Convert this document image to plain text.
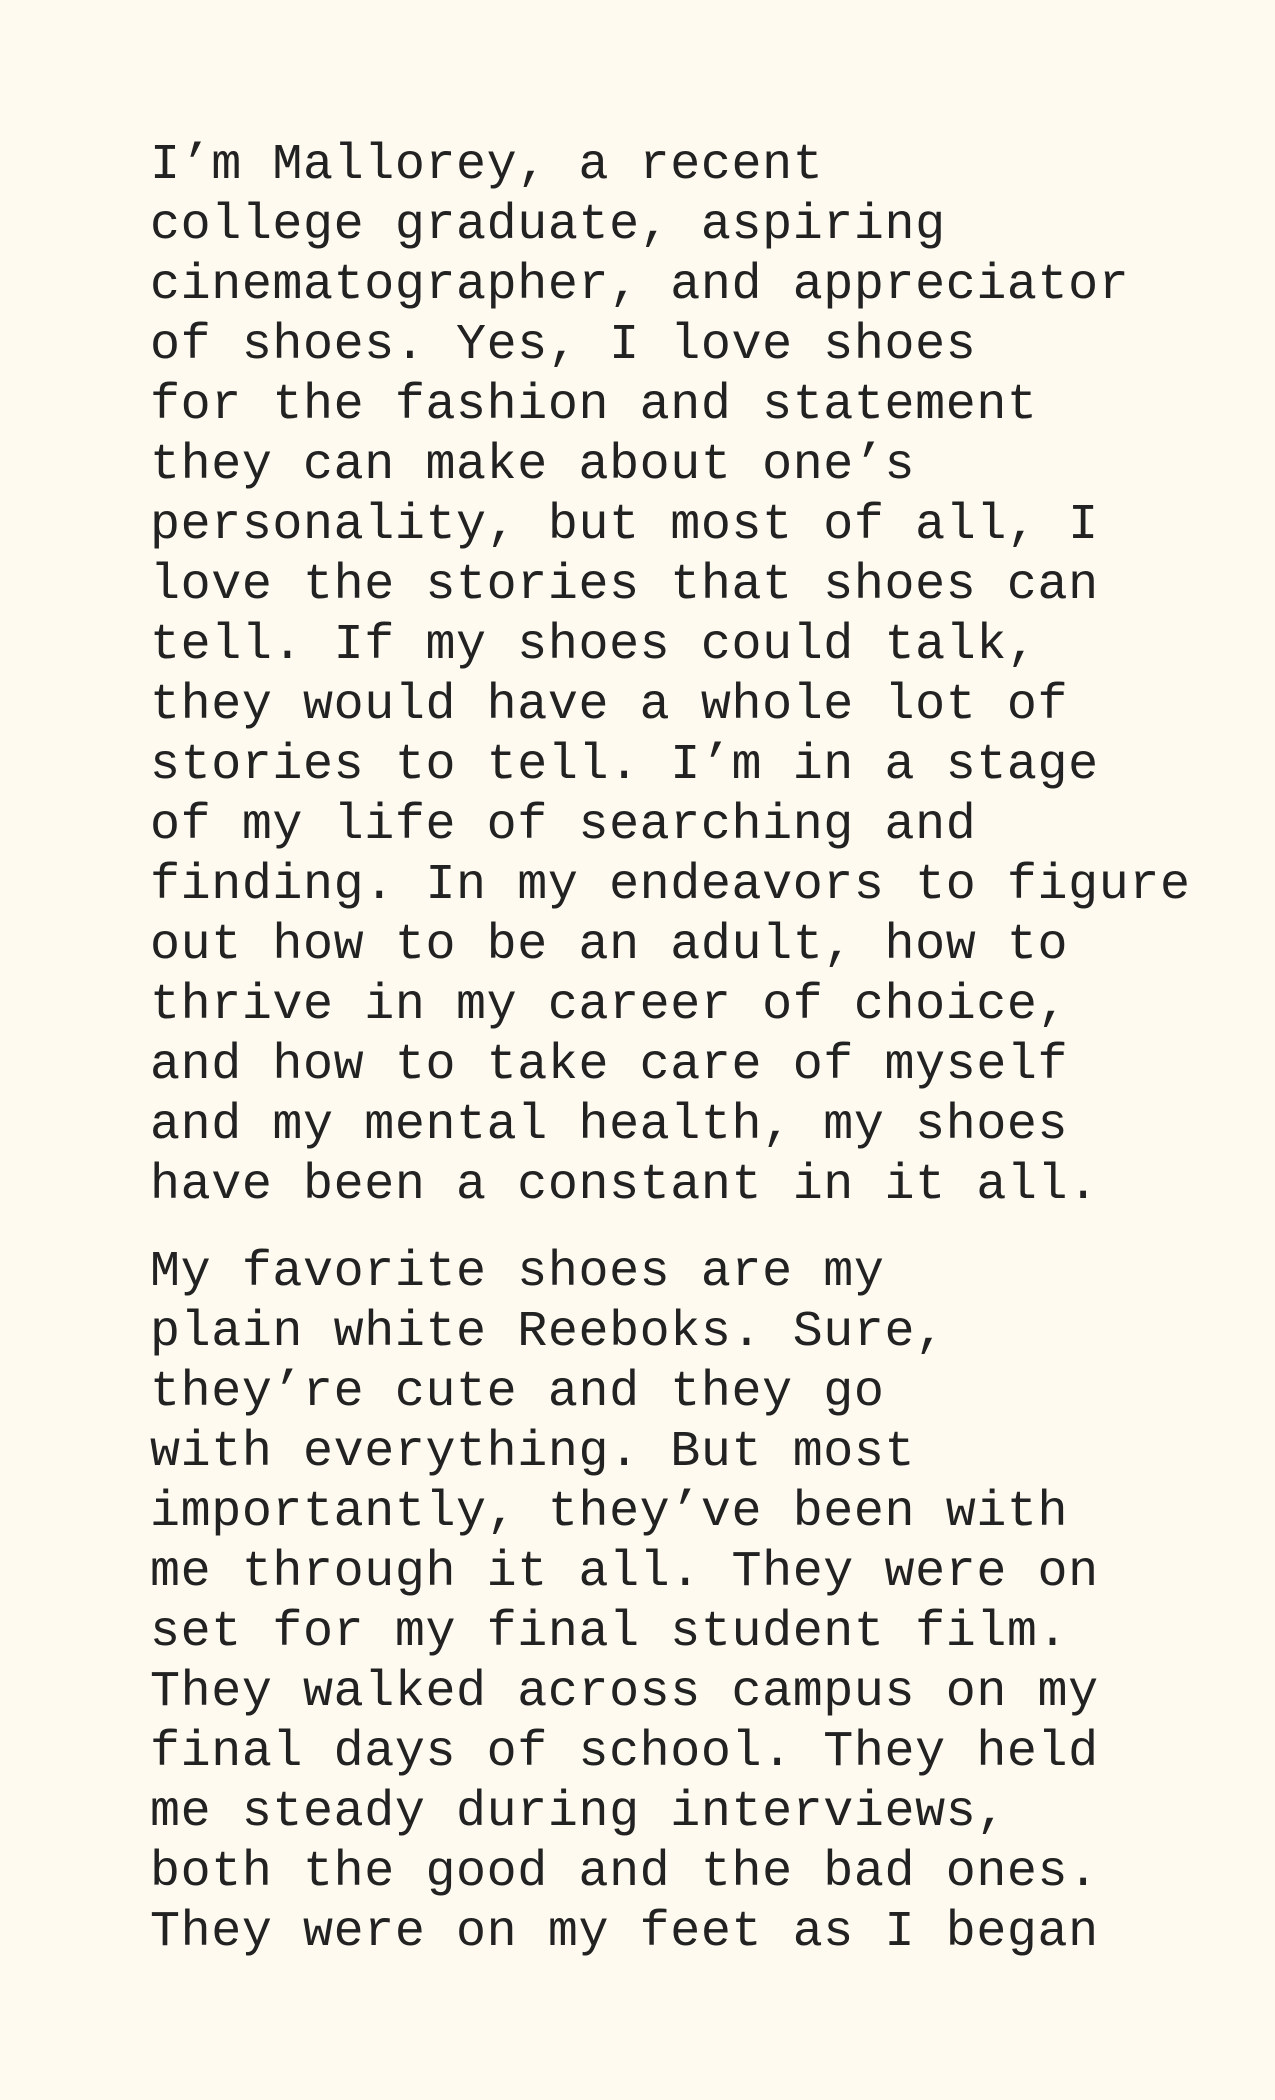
I’m Mallorey, a recent
college graduate, aspiring
cinematographer, and appreciator
of shoes. Yes, I love shoes
for the fashion and statement
they can make about one’s
personality, but most of all, I
love the stories that shoes can
tell. If my shoes could talk,
they would have a whole lot of
stories to tell. I’m in a stage
of my life of searching and
finding. In my endeavors to figure
out how to be an adult, how to
thrive in my career of choice,
and how to take care of myself
and my mental health, my shoes
have been a constant in it all.

My favorite shoes are my
plain white Reeboks. Sure,
they’re cute and they go
with everything. But most
importantly, they’ve been with
me through it all. They were on
set for my final student film.
They walked across campus on my
final days of school. They held
me steady during interviews,
both the good and the bad ones.
They were on my feet as I began
